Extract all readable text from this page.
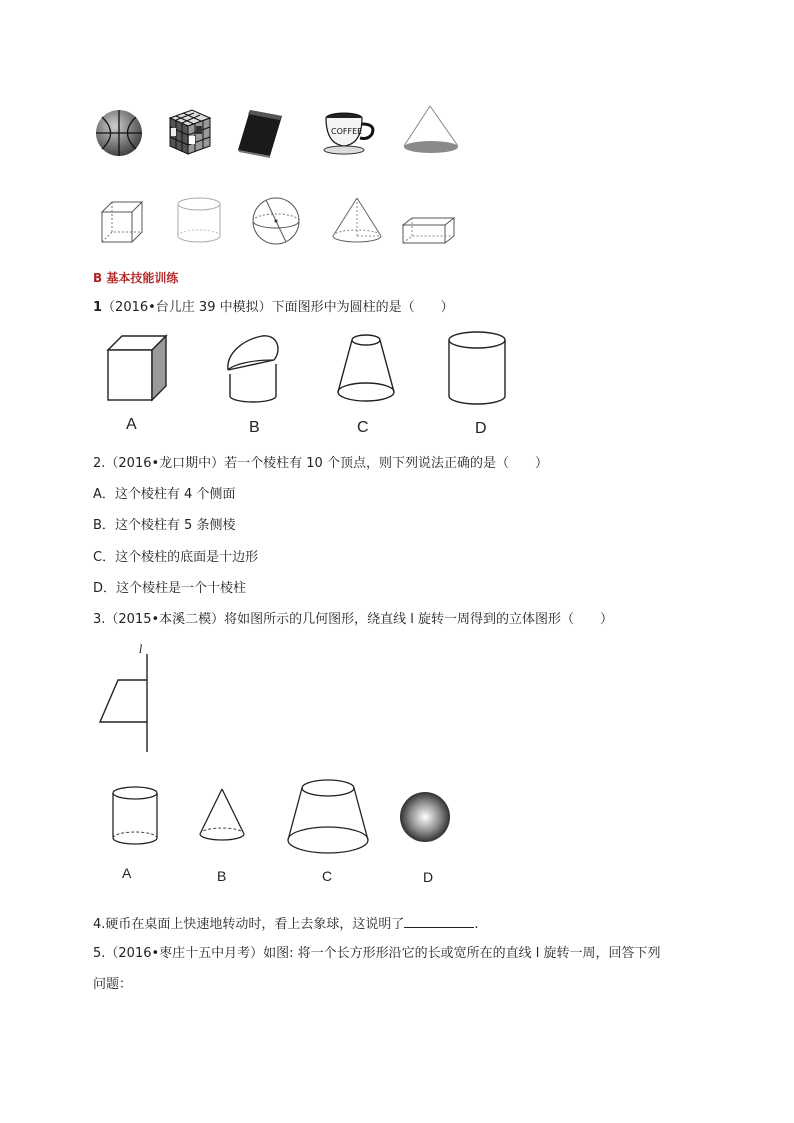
COFFEE
B 基本技能训练
1（2016•台儿庄 39 中模拟）下面图形中为圆柱的是（　　）
A	B	C	D
2.（2016•龙口期中）若一个棱柱有 10 个顶点，则下列说法正确的是（　　）
A．这个棱柱有 4 个侧面
B．这个棱柱有 5 条侧棱
C．这个棱柱的底面是十边形
D．这个棱柱是一个十棱柱
3.（2015•本溪二模）将如图所示的几何图形，绕直线 l 旋转一周得到的立体图形（　　）
l
A	B	C	D
4.硬币在桌面上快速地转动时，看上去象球，这说明了	.
5.（2016•枣庄十五中月考）如图: 将一个长方形形沿它的长或宽所在的直线 l 旋转一周，回答下列
问题：
